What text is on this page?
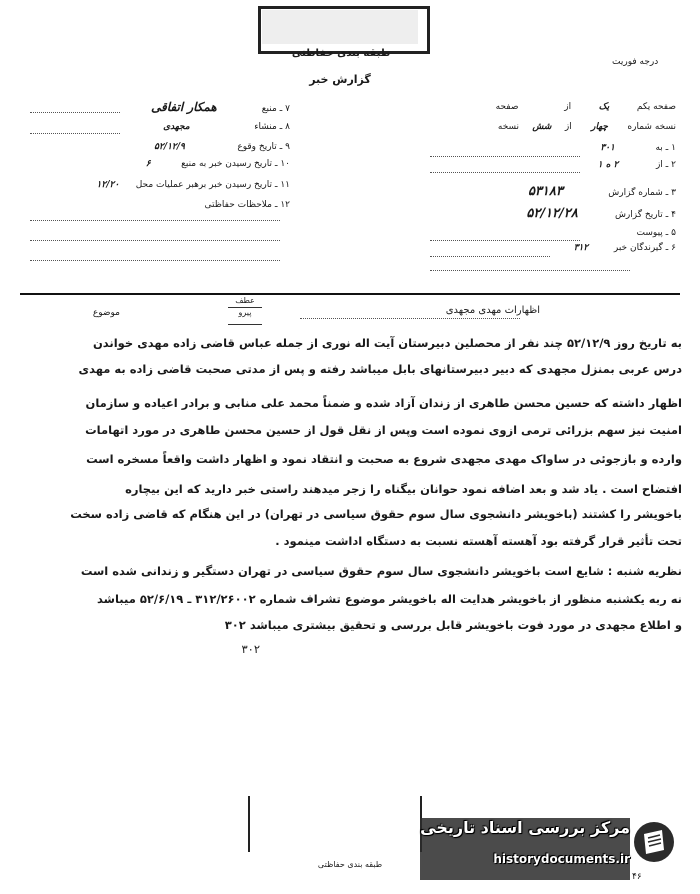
طبقه بندی حفاظتی
درجه فوریت
گزارش خبر
صفحه یکم یک از  صفحه
نسخه شماره چهار از شش نسخه
۱ ـ به ۳۰۱
۲ ـ از ۲ ه ۱
۳ ـ شماره گزارش ۵۳۱۸۳
۴ ـ تاریخ گزارش ۵۲/۱۲/۲۸
۵ ـ پیوست
۶ ـ گیرندگان خبر ۳۱۲
۷ ـ منبع همکار اتفاقی
۸ ـ منشاء مجهدی
۹ ـ تاریخ وقوع ۵۲/۱۲/۹
۱۰ ـ تاریخ رسیدن خبر به منبع ۶
۱۱ ـ تاریخ رسیدن خبر برهبر عملیات محل ۱۲/۲۰
۱۲ ـ ملاحظات حفاظتی
عطف
پیرو
موضوع	اظهارات مهدی مجهدی
به تاریخ روز ۵۲/۱۲/۹ چند نفر از محصلین دبیرستان آیت اله نوری از جمله عباس قاضی زاده مهدی خواندن
درس عربی بمنزل مجهدی که دبیر دبیرستانهای بابل میباشد رفته و پس از مدتی صحبت قاضی زاده به مهدی
اظهار داشته که حسین محسن طاهری از زندان آزاد شده و ضمناً محمد علی منابی و برادر اعیاده و سازمان
امنیت نیز سهم بزرائی ترمی ازوی نموده است وپس از نقل قول از حسین محسن طاهری در مورد اتهامات
وارده و بازجوئی در ساواک مهدی مجهدی شروع به صحبت و انتقاد نمود و اظهار داشت واقعاً مسخره است
افتضاح است . یاد شد و بعد اضافه نمود حوانان بیگناه را زجر میدهند راستی خبر دارید که این بیچاره
باخویشر را کشتند (باخویشر دانشجوی سال سوم حقوق سیاسی در تهران) در این هنگام که قاضی زاده سخت
تحت تأثیر قرار گرفته بود آهسته آهسته نسبت به دستگاه اداشت مینمود .
نظریه شنبه : شایع است باخویشر دانشجوی سال سوم حقوق سیاسی در تهران دستگیر و زندانی شده است
نه ربه یکشنبه منظور از باخویشر هدایت اله باخویشر موضوع تشراف شماره ۳۱۲/۲۶۰۰۲ ـ ۵۲/۶/۱۹ میباشد
و اطلاع مجهدی در مورد فوت باخویشر قابل بررسی و تحقیق بیشتری میباشد ۳۰۲
۳۰۲
طبقه بندی حفاظتی
مرکز بررسی اسناد تاریخی
historydocuments.ir
۴۶
